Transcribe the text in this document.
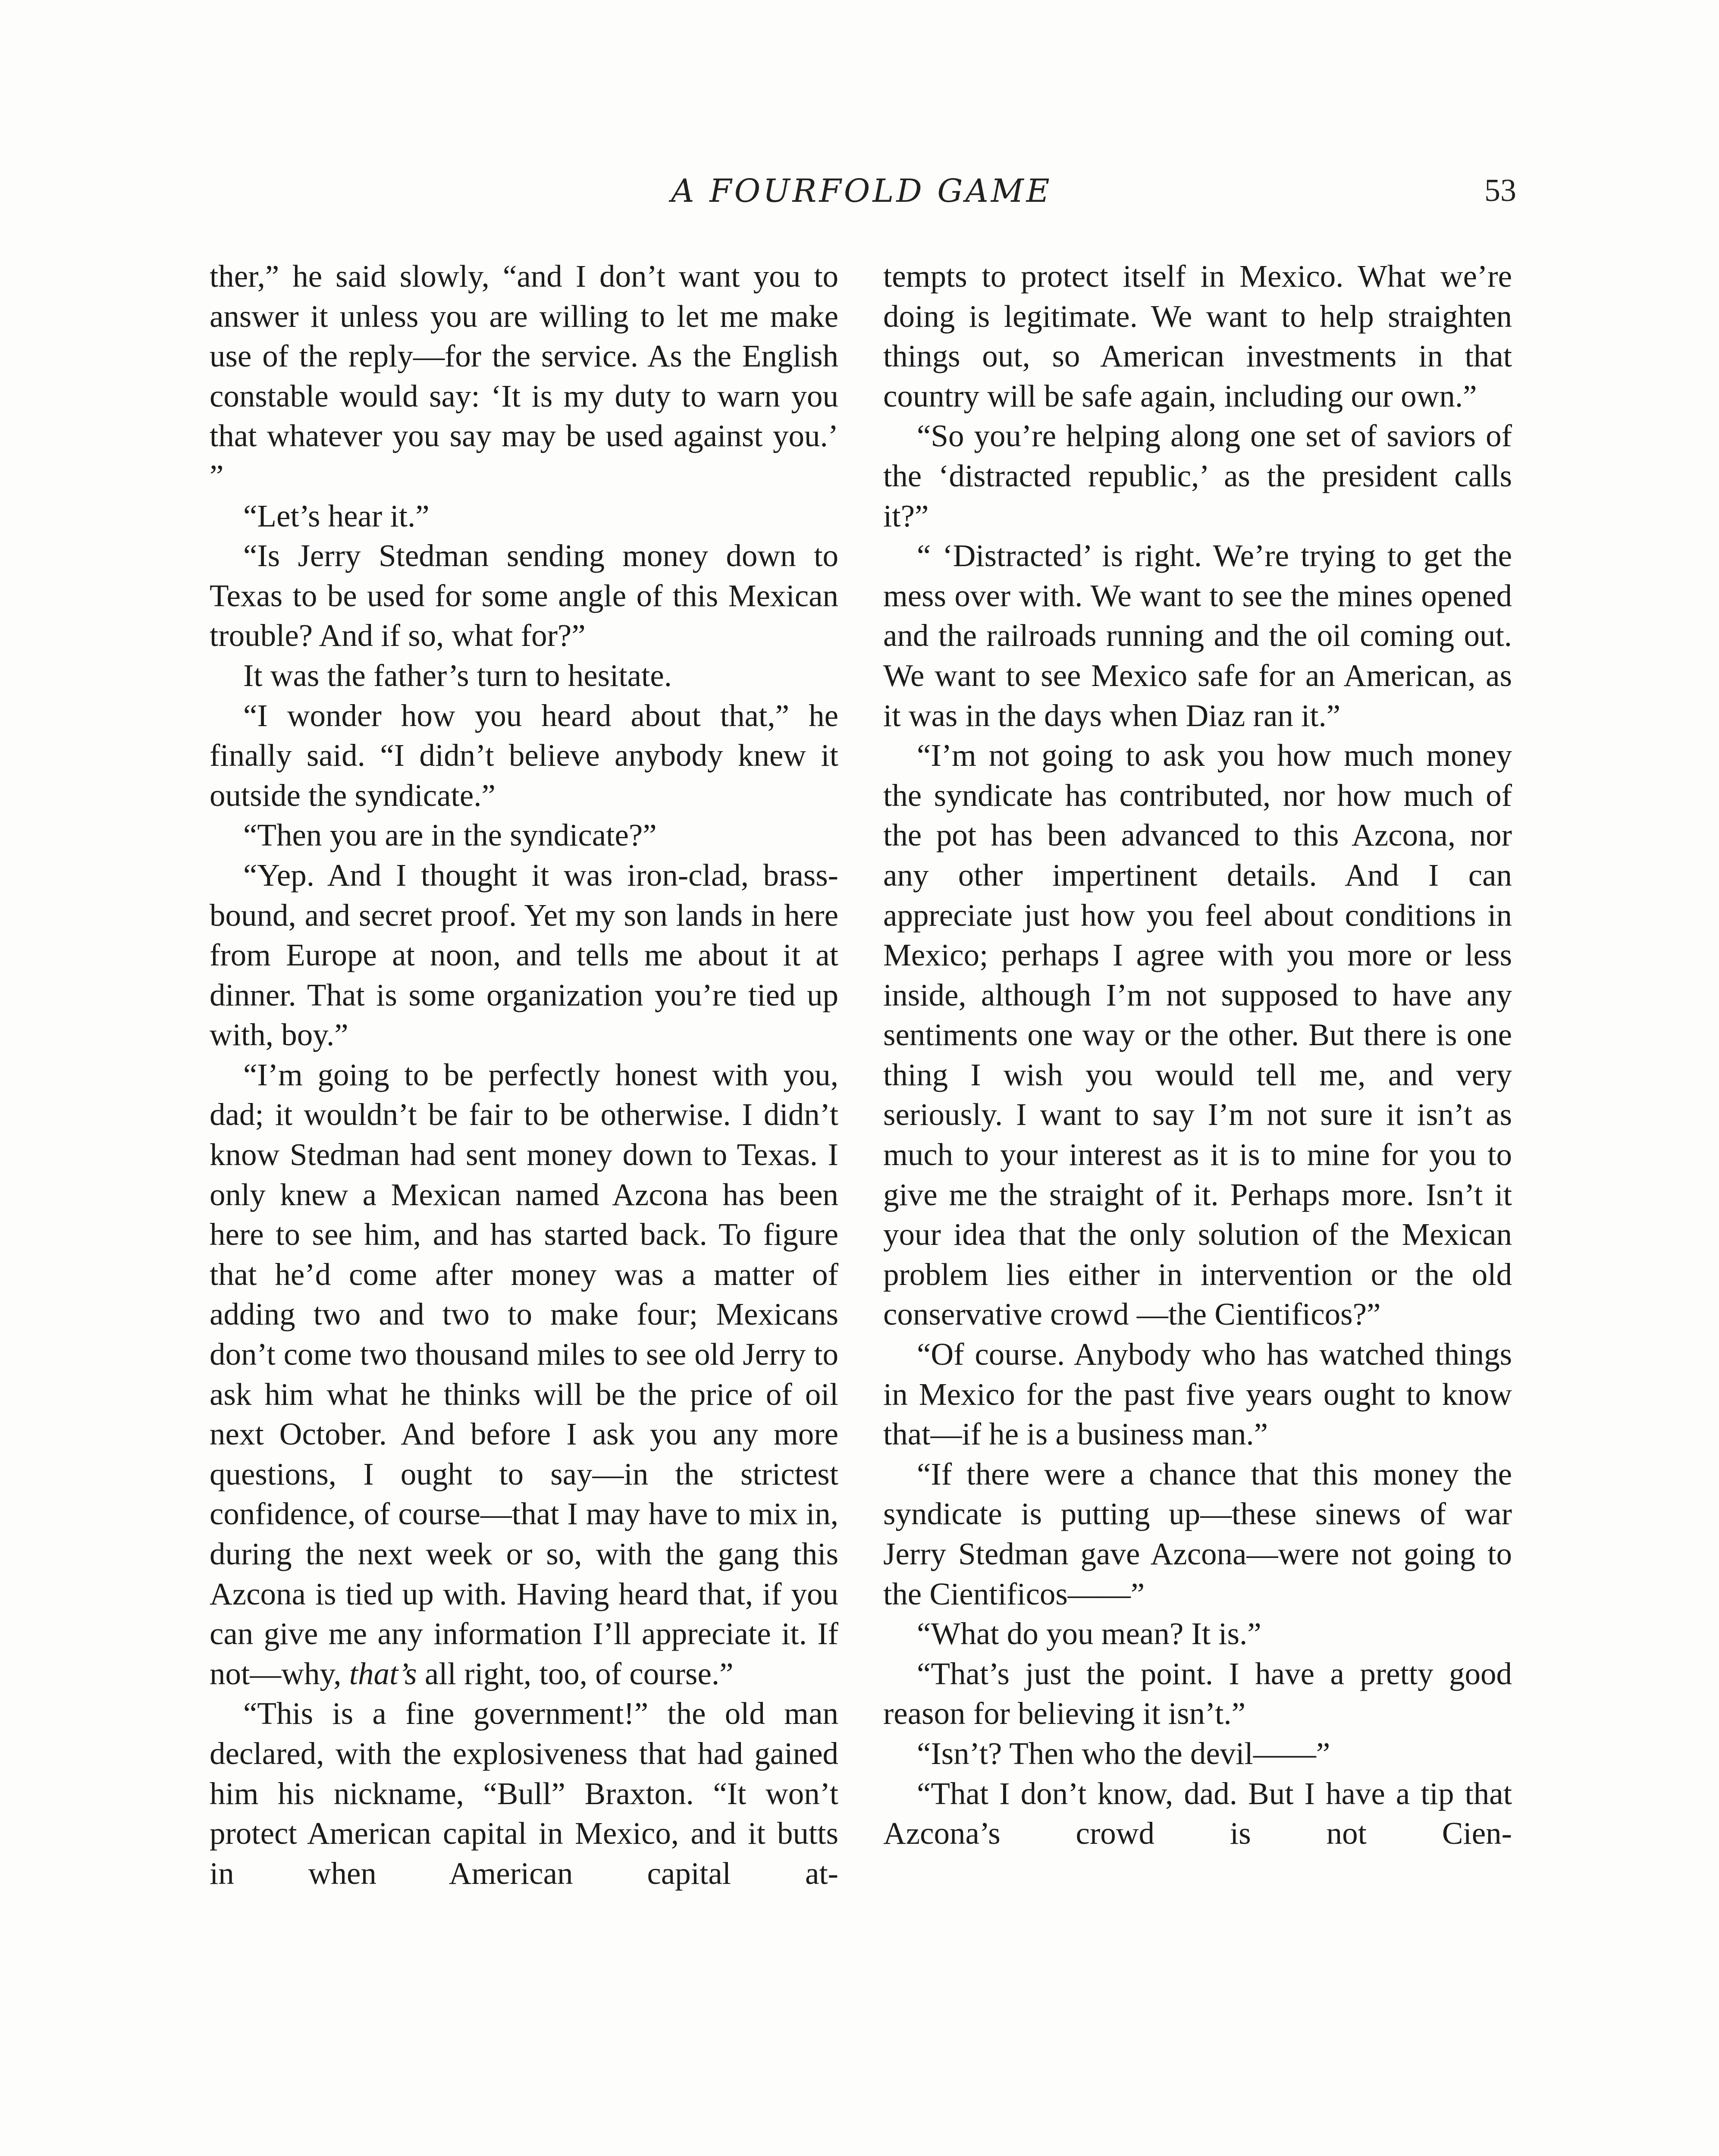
A FOURFOLD GAME	53

ther,” he said slowly, “and I don’t want you to answer it unless you are willing to let me make use of the reply—for the service. As the English constable would say: ‘It is my duty to warn you that whatever you say may be used against you.’ ”

“Let’s hear it.”

“Is Jerry Stedman sending money down to Texas to be used for some angle of this Mexican trouble? And if so, what for?”

It was the father’s turn to hesitate.

“I wonder how you heard about that,” he finally said. “I didn’t believe anybody knew it outside the syndicate.”

“Then you are in the syndicate?”

“Yep. And I thought it was iron-clad, brass-bound, and secret proof. Yet my son lands in here from Europe at noon, and tells me about it at dinner. That is some organization you’re tied up with, boy.”

“I’m going to be perfectly honest with you, dad; it wouldn’t be fair to be otherwise. I didn’t know Stedman had sent money down to Texas. I only knew a Mexican named Azcona has been here to see him, and has started back. To figure that he’d come after money was a matter of adding two and two to make four; Mexicans don’t come two thousand miles to see old Jerry to ask him what he thinks will be the price of oil next October. And before I ask you any more questions, I ought to say—in the strictest confidence, of course—that I may have to mix in, during the next week or so, with the gang this Azcona is tied up with. Having heard that, if you can give me any information I’ll appreciate it. If not—why, that’s all right, too, of course.”

“This is a fine government!” the old man declared, with the explosiveness that had gained him his nickname, “Bull” Braxton. “It won’t protect American capital in Mexico, and it butts in when American capital at-

tempts to protect itself in Mexico. What we’re doing is legitimate. We want to help straighten things out, so American investments in that country will be safe again, including our own.”

“So you’re helping along one set of saviors of the ‘distracted republic,’ as the president calls it?”

“ ‘Distracted’ is right. We’re trying to get the mess over with. We want to see the mines opened and the railroads running and the oil coming out. We want to see Mexico safe for an American, as it was in the days when Diaz ran it.”

“I’m not going to ask you how much money the syndicate has contributed, nor how much of the pot has been advanced to this Azcona, nor any other impertinent details. And I can appreciate just how you feel about conditions in Mexico; perhaps I agree with you more or less inside, although I’m not supposed to have any sentiments one way or the other. But there is one thing I wish you would tell me, and very seriously. I want to say I’m not sure it isn’t as much to your interest as it is to mine for you to give me the straight of it. Perhaps more. Isn’t it your idea that the only solution of the Mexican problem lies either in intervention or the old conservative crowd —the Cientificos?”

“Of course. Anybody who has watched things in Mexico for the past five years ought to know that—if he is a business man.”

“If there were a chance that this money the syndicate is putting up—these sinews of war Jerry Stedman gave Azcona—were not going to the Cientificos——”

“What do you mean? It is.”

“That’s just the point. I have a pretty good reason for believing it isn’t.”

“Isn’t? Then who the devil——”

“That I don’t know, dad. But I have a tip that Azcona’s crowd is not Cien-
